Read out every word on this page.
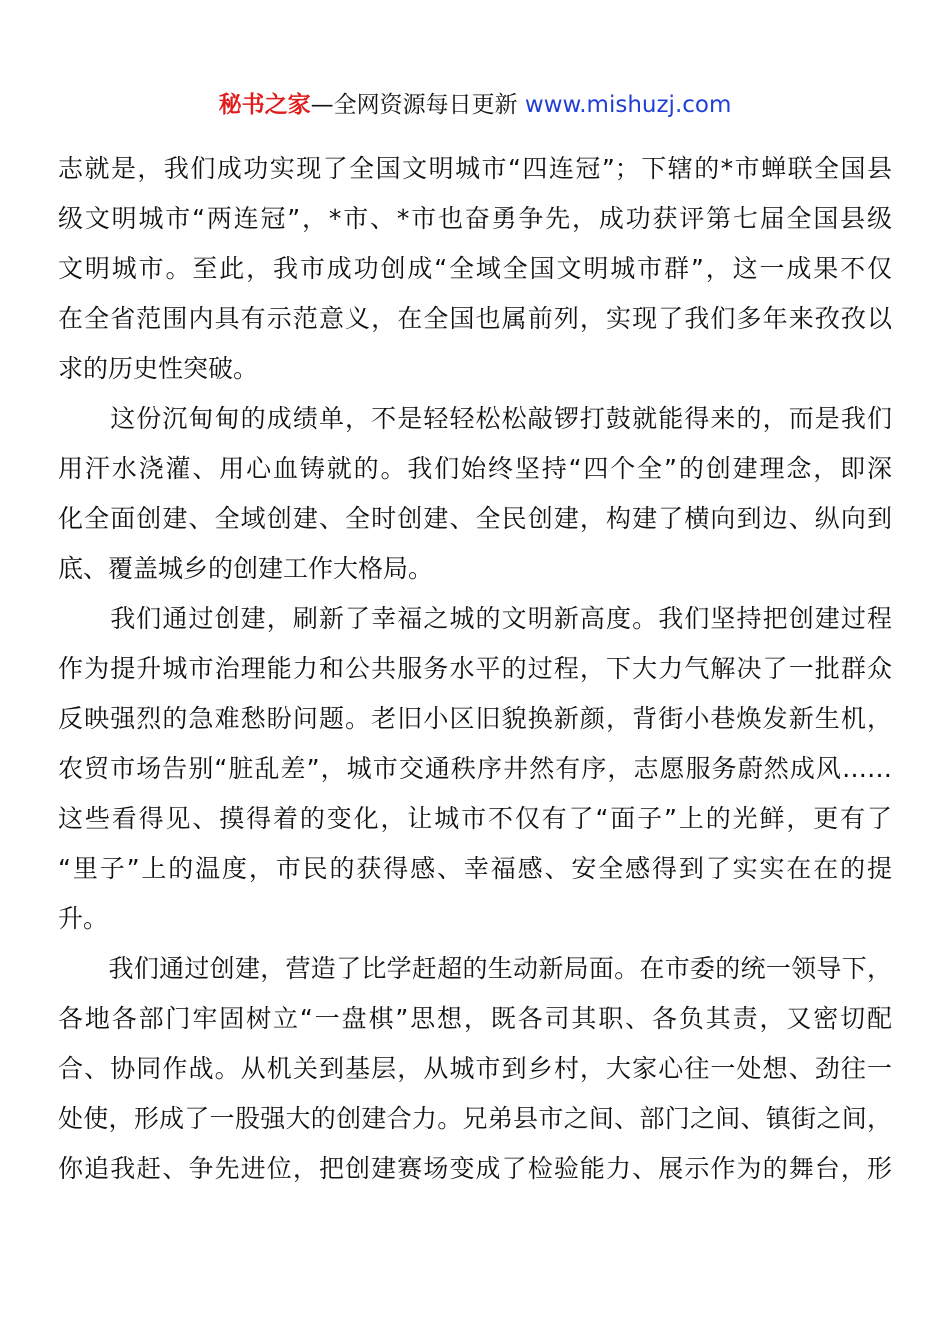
秘书之家—全网资源每日更新 www.mishuzj.com
志就是，我们成功实现了全国文明城市“四连冠”；下辖的*市蝉联全国县
级文明城市“两连冠”，*市、*市也奋勇争先，成功获评第七届全国县级
文明城市。至此，我市成功创成“全域全国文明城市群”，这一成果不仅
在全省范围内具有示范意义，在全国也属前列，实现了我们多年来孜孜以
求的历史性突破。
　　这份沉甸甸的成绩单，不是轻轻松松敲锣打鼓就能得来的，而是我们
用汗水浇灌、用心血铸就的。我们始终坚持“四个全”的创建理念，即深
化全面创建、全域创建、全时创建、全民创建，构建了横向到边、纵向到
底、覆盖城乡的创建工作大格局。
　　我们通过创建，刷新了幸福之城的文明新高度。我们坚持把创建过程
作为提升城市治理能力和公共服务水平的过程，下大力气解决了一批群众
反映强烈的急难愁盼问题。老旧小区旧貌换新颜，背街小巷焕发新生机，
农贸市场告别“脏乱差”，城市交通秩序井然有序，志愿服务蔚然成风……
这些看得见、摸得着的变化，让城市不仅有了“面子”上的光鲜，更有了
“里子”上的温度，市民的获得感、幸福感、安全感得到了实实在在的提
升。
　　我们通过创建，营造了比学赶超的生动新局面。在市委的统一领导下，
各地各部门牢固树立“一盘棋”思想，既各司其职、各负其责，又密切配
合、协同作战。从机关到基层，从城市到乡村，大家心往一处想、劲往一
处使，形成了一股强大的创建合力。兄弟县市之间、部门之间、镇街之间，
你追我赶、争先进位，把创建赛场变成了检验能力、展示作为的舞台，形
